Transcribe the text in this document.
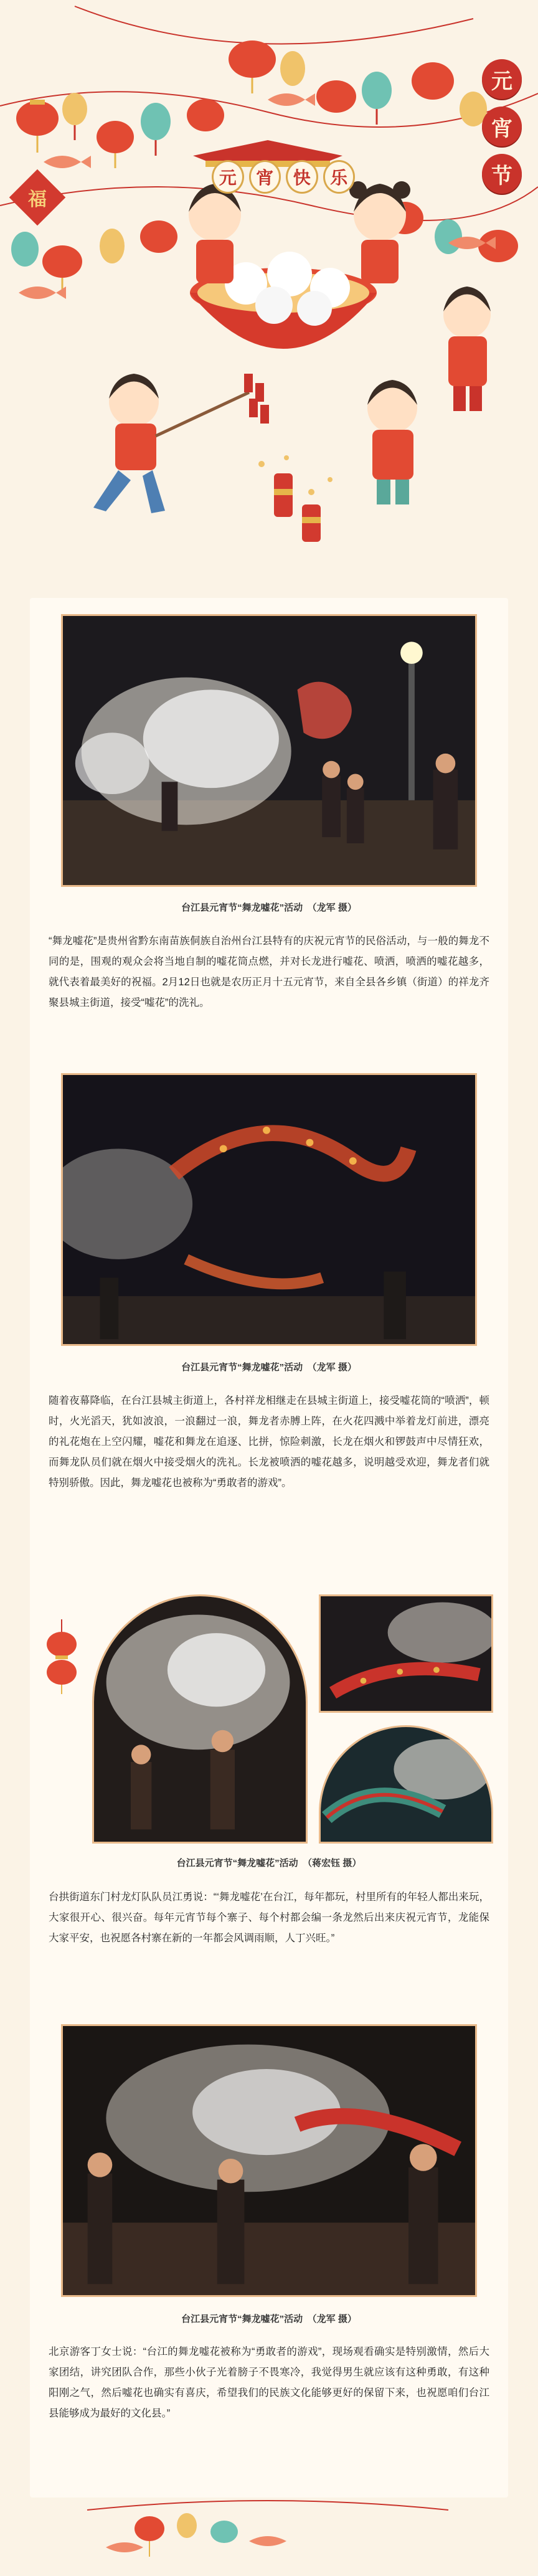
元	宵	快	乐
元
宵
节
福
台江县元宵节“舞龙嘘花”活动　（龙军 摄）

“舞龙嘘花”是贵州省黔东南苗族侗族自治州台江县特有的庆祝元宵节的民俗活动，与一般的舞龙不同的是，围观的观众会将当地自制的嘘花筒点燃，并对长龙进行嘘花、喷洒，喷洒的嘘花越多，就代表着最美好的祝福。2月12日也就是农历正月十五元宵节，来自全县各乡镇（街道）的祥龙齐聚县城主街道，接受“嘘花”的洗礼。

台江县元宵节“舞龙嘘花”活动　（龙军 摄）

随着夜幕降临，在台江县城主街道上，各村祥龙相继走在县城主街道上，接受嘘花筒的“喷洒”，顿时，火光滔天，犹如波浪，一浪翻过一浪，舞龙者赤膊上阵，在火花四溅中举着龙灯前进，漂亮的礼花炮在上空闪耀，嘘花和舞龙在追逐、比拼，惊险刺激，长龙在烟火和锣鼓声中尽情狂欢，而舞龙队员们就在烟火中接受烟火的洗礼。长龙被喷洒的嘘花越多，说明越受欢迎，舞龙者们就特别骄傲。因此，舞龙嘘花也被称为“勇敢者的游戏”。

台江县元宵节“舞龙嘘花”活动　（蒋宏钰 摄）

台拱街道东门村龙灯队队员江勇说：“‘舞龙嘘花’在台江，每年都玩，村里所有的年轻人都出来玩，大家很开心、很兴奋。每年元宵节每个寨子、每个村都会编一条龙然后出来庆祝元宵节，龙能保大家平安，也祝愿各村寨在新的一年都会风调雨顺，人丁兴旺。”

台江县元宵节“舞龙嘘花”活动　（龙军 摄）

北京游客丁女士说：“台江的舞龙嘘花被称为“勇敢者的游戏”，现场观看确实是特别激情，然后大家团结，讲究团队合作，那些小伙子光着膀子不畏寒冷，我觉得男生就应该有这种勇敢，有这种阳刚之气，然后嘘花也确实有喜庆，希望我们的民族文化能够更好的保留下来，也祝愿咱们台江县能够成为最好的文化县。”
